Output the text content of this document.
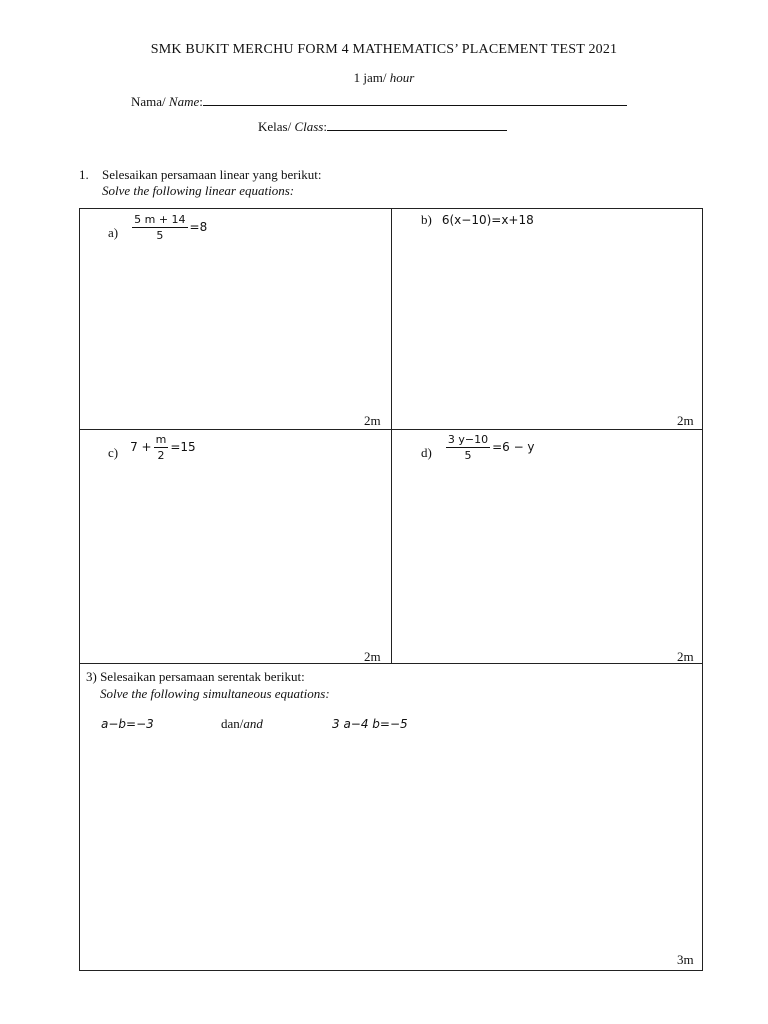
SMK BUKIT MERCHU FORM 4 MATHEMATICS’ PLACEMENT TEST 2021
1 jam/ hour
Nama/ Name:
Kelas/ Class:
1. Selesaikan persamaan linear yang berikut:
Solve the following linear equations:
$_{a)} \frac{5 m + 14}{5} =8$
2m
b) 6(x−10)=x+18
2m
$_{c)}$ $7 + \frac{m}{2} =15$
2m
$_{d)} \frac{3 y-10}{5} =6 - y$
2m
3) Selesaikan persamaan serentak berikut:
Solve the following simultaneous equations:
a−b=−3	dan/and	3 a−4 b=−5
3m
